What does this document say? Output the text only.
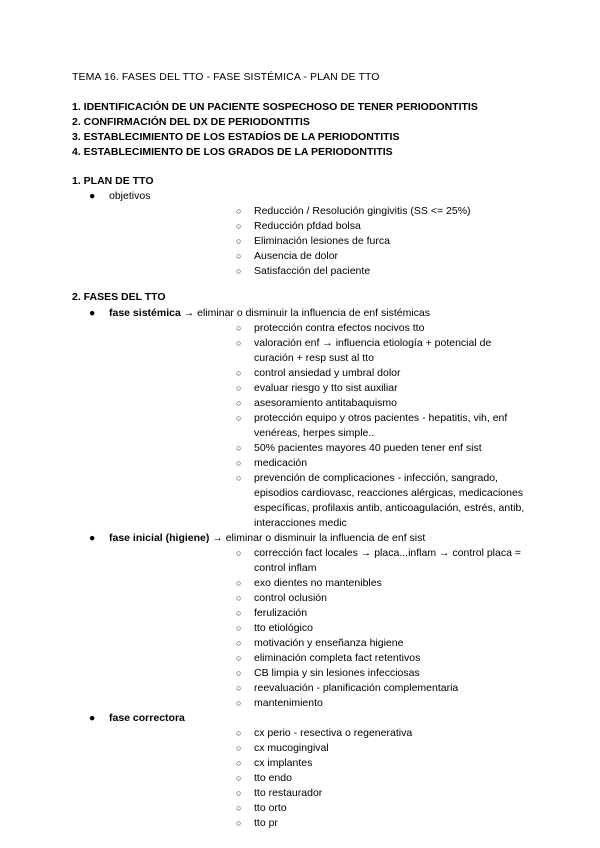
TEMA 16. FASES DEL TTO - FASE SISTÉMICA - PLAN DE TTO
1. IDENTIFICACIÓN DE UN PACIENTE SOSPECHOSO DE TENER PERIODONTITIS
2. CONFIRMACIÓN DEL DX DE PERIODONTITIS
3. ESTABLECIMIENTO DE LOS ESTADÍOS DE LA PERIODONTITIS
4. ESTABLECIMIENTO DE LOS GRADOS DE LA PERIODONTITIS
1. PLAN DE TTO
● objetivos
○ Reducción / Resolución gingivitis (SS <= 25%)
○ Reducción pfdad bolsa
○ Eliminación lesiones de furca
○ Ausencia de dolor
○ Satisfacción del paciente
2. FASES DEL TTO
● fase sistémica → eliminar o disminuir la influencia de enf sistémicas
○ protección contra efectos nocivos tto
○ valoración enf → influencia etiología + potencial de curación + resp sust al tto
○ control ansiedad y umbral dolor
○ evaluar riesgo y tto sist auxiliar
○ asesoramiento antitabaquismo
○ protección equipo y otros pacientes - hepatitis, vih, enf venéreas, herpes simple..
○ 50% pacientes mayores 40 pueden tener enf sist
○ medicación
○ prevención de complicaciones - infección, sangrado, episodios cardiovasc, reacciones alérgicas, medicaciones específicas, profilaxis antib, anticoagulación, estrés, antib, interacciones medic
● fase inicial (higiene) → eliminar o disminuir la influencia de enf sist
○ corrección fact locales → placa...inflam → control placa = control inflam
○ exo dientes no mantenibles
○ control oclusión
○ ferulización
○ tto etiológico
○ motivación y enseñanza higiene
○ eliminación completa fact retentivos
○ CB limpia y sin lesiones infecciosas
○ reevaluación - planificación complementaria
○ mantenimiento
● fase correctora
○ cx perio - resectiva o regenerativa
○ cx mucogingival
○ cx implantes
○ tto endo
○ tto restaurador
○ tto orto
○ tto pr
